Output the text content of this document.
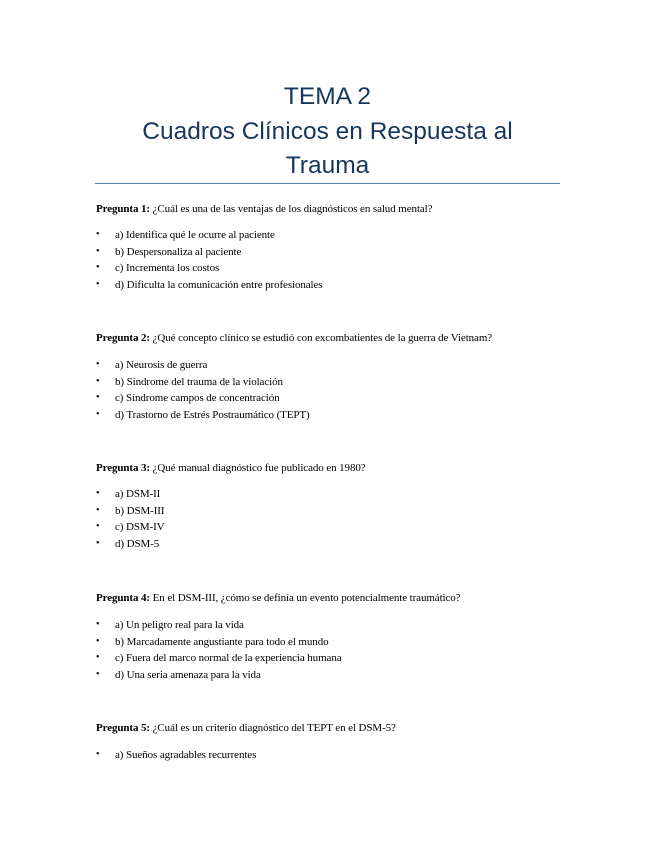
TEMA 2
Cuadros Clínicos en Respuesta al
Trauma
Pregunta 1: ¿Cuál es una de las ventajas de los diagnósticos en salud mental?
• a) Identifica qué le ocurre al paciente
• b) Despersonaliza al paciente
• c) Incrementa los costos
• d) Dificulta la comunicación entre profesionales
Pregunta 2: ¿Qué concepto clínico se estudió con excombatientes de la guerra de Vietnam?
• a) Neurosis de guerra
• b) Síndrome del trauma de la violación
• c) Síndrome campos de concentración
• d) Trastorno de Estrés Postraumático (TEPT)
Pregunta 3: ¿Qué manual diagnóstico fue publicado en 1980?
• a) DSM-II
• b) DSM-III
• c) DSM-IV
• d) DSM-5
Pregunta 4: En el DSM-III, ¿cómo se definía un evento potencialmente traumático?
• a) Un peligro real para la vida
• b) Marcadamente angustiante para todo el mundo
• c) Fuera del marco normal de la experiencia humana
• d) Una seria amenaza para la vida
Pregunta 5: ¿Cuál es un criterio diagnóstico del TEPT en el DSM-5?
• a) Sueños agradables recurrentes
